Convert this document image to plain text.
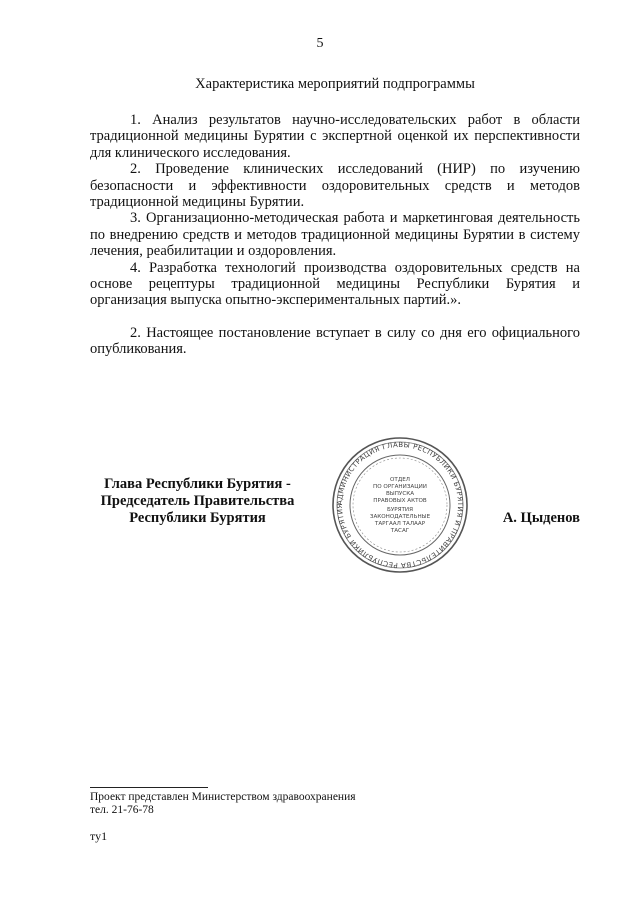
5
Характеристика мероприятий подпрограммы

1. Анализ результатов научно-исследовательских работ в области традиционной медицины Бурятии с экспертной оценкой их перспективности для клинического исследования.

2. Проведение клинических исследований (НИР) по изучению безопасности и эффективности оздоровительных средств и методов традиционной медицины Бурятии.

3. Организационно-методическая работа и маркетинговая деятельность по внедрению средств и методов традиционной медицины Бурятии в систему лечения, реабилитации и оздоровления.

4. Разработка технологий производства оздоровительных средств на основе рецептуры традиционной медицины Республики Бурятия и организация выпуска опытно-экспериментальных партий.».

2. Настоящее постановление вступает в силу со дня его официального опубликования.

Глава Республики Бурятия -
Председатель Правительства
Республики Бурятия
АДМИНИСТРАЦИЯ ГЛАВЫ РЕСПУБЛИКИ БУРЯТИЯ И ПРАВИТЕЛЬСТВА РЕСПУБЛИКИ БУРЯТИЯ
ОТДЕЛ
ПО ОРГАНИЗАЦИИ
ВЫПУСКА
ПРАВОВЫХ АКТОВ
БУРЯТИЯ
ЗАКОНОДАТЕЛЬНЫЕ
ТАРГААЛ ТАЛААР
ТАСАГ
А. Цыденов
Проект представлен Министерством здравоохранения
тел. 21-76-78
ту1
